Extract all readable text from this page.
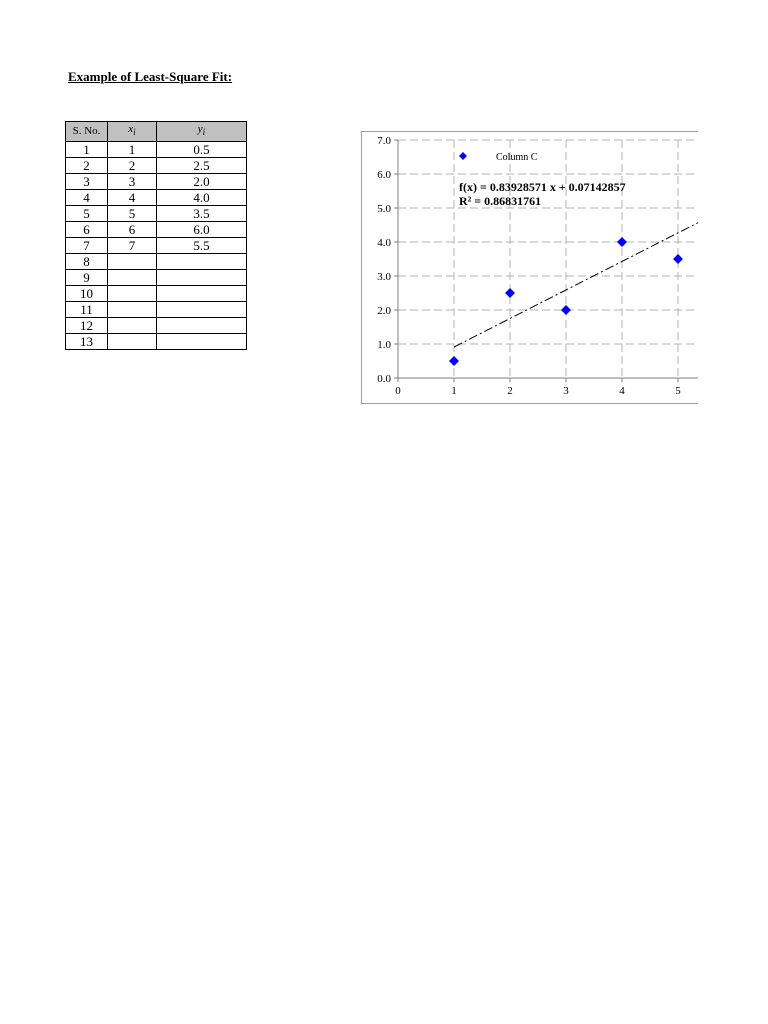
Example of Least-Square Fit:

S. No.	$x_i$	$y_i$
1	1	0.5
2	2	2.5
3	3	2.0
4	4	4.0
5	5	3.5
6	6	6.0
7	7	5.5
8		
9		
10		
11		
12		
13		
0.0
1.0
2.0
3.0
4.0
5.0
6.0
7.0
0	1	2	3	4	5
Column C
f(x) = 0.83928571 x + 0.07142857
R² = 0.86831761
